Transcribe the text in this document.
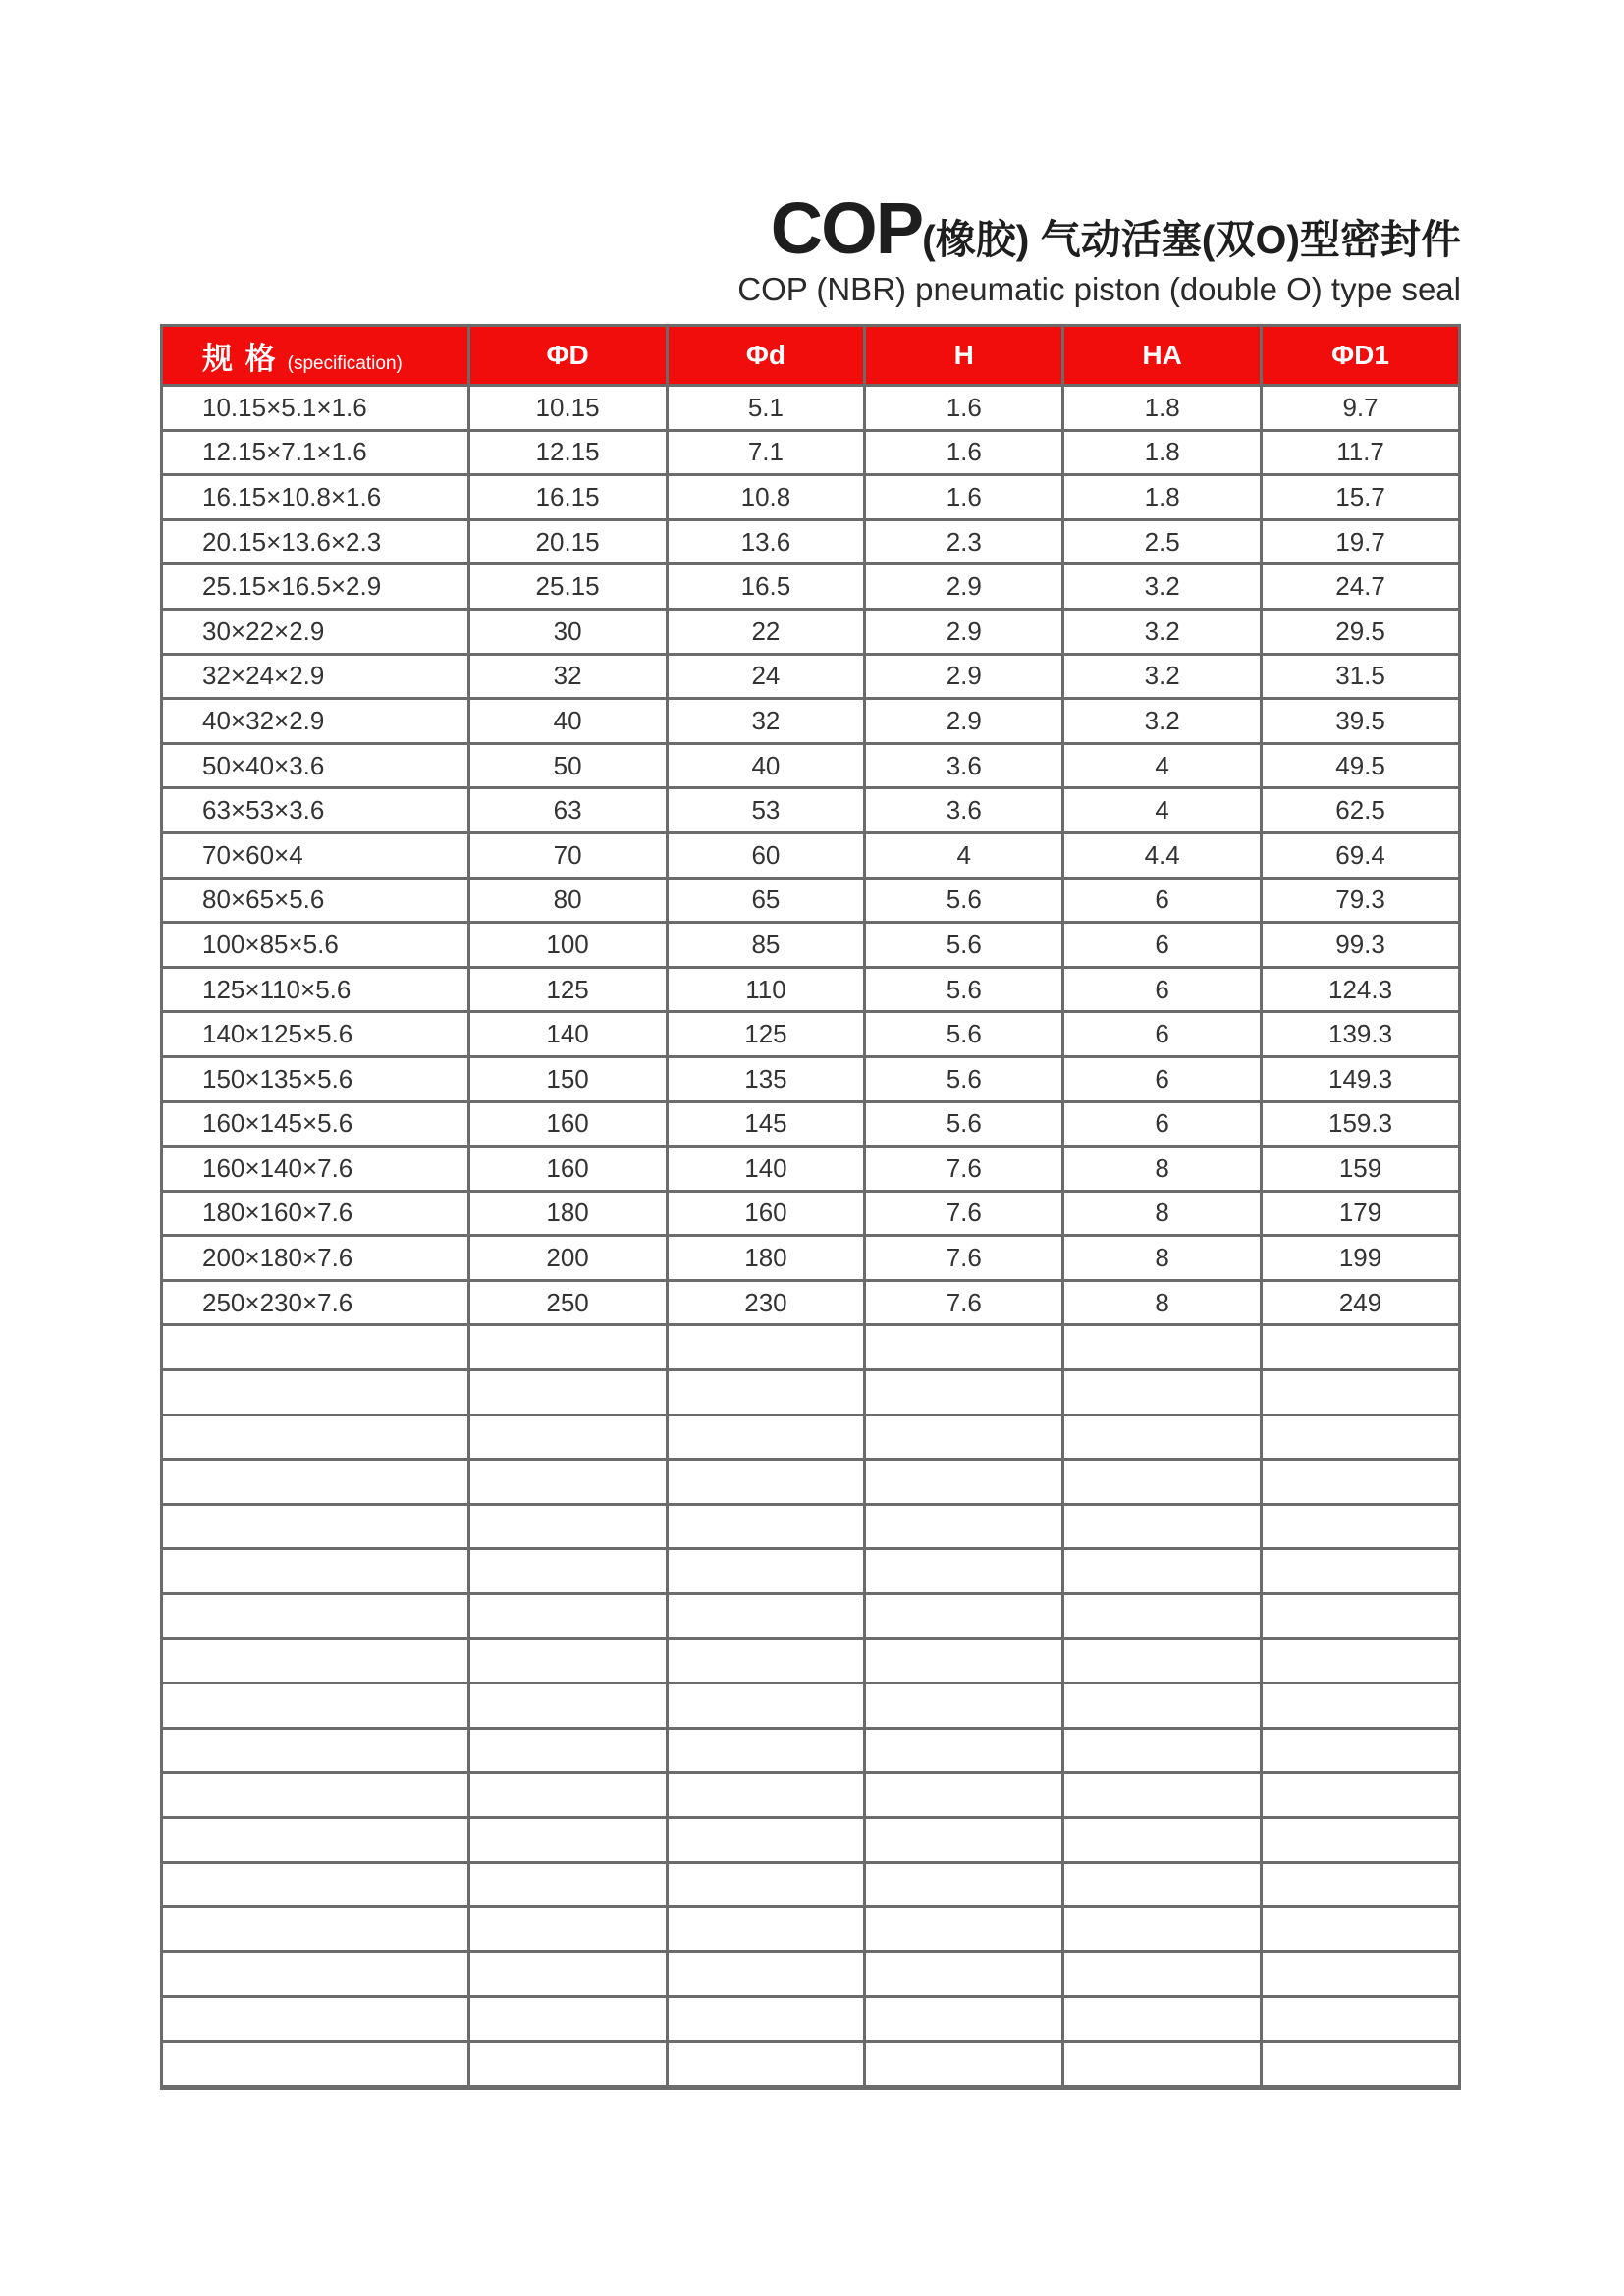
COP(橡胶) 气动活塞(双O)型密封件
COP (NBR) pneumatic piston (double O) type seal
规 格 (specification)	ΦD	Φd	H	HA	ΦD1
10.15×5.1×1.6	10.15	5.1	1.6	1.8	9.7
12.15×7.1×1.6	12.15	7.1	1.6	1.8	11.7
16.15×10.8×1.6	16.15	10.8	1.6	1.8	15.7
20.15×13.6×2.3	20.15	13.6	2.3	2.5	19.7
25.15×16.5×2.9	25.15	16.5	2.9	3.2	24.7
30×22×2.9	30	22	2.9	3.2	29.5
32×24×2.9	32	24	2.9	3.2	31.5
40×32×2.9	40	32	2.9	3.2	39.5
50×40×3.6	50	40	3.6	4	49.5
63×53×3.6	63	53	3.6	4	62.5
70×60×4	70	60	4	4.4	69.4
80×65×5.6	80	65	5.6	6	79.3
100×85×5.6	100	85	5.6	6	99.3
125×110×5.6	125	110	5.6	6	124.3
140×125×5.6	140	125	5.6	6	139.3
150×135×5.6	150	135	5.6	6	149.3
160×145×5.6	160	145	5.6	6	159.3
160×140×7.6	160	140	7.6	8	159
180×160×7.6	180	160	7.6	8	179
200×180×7.6	200	180	7.6	8	199
250×230×7.6	250	230	7.6	8	249
